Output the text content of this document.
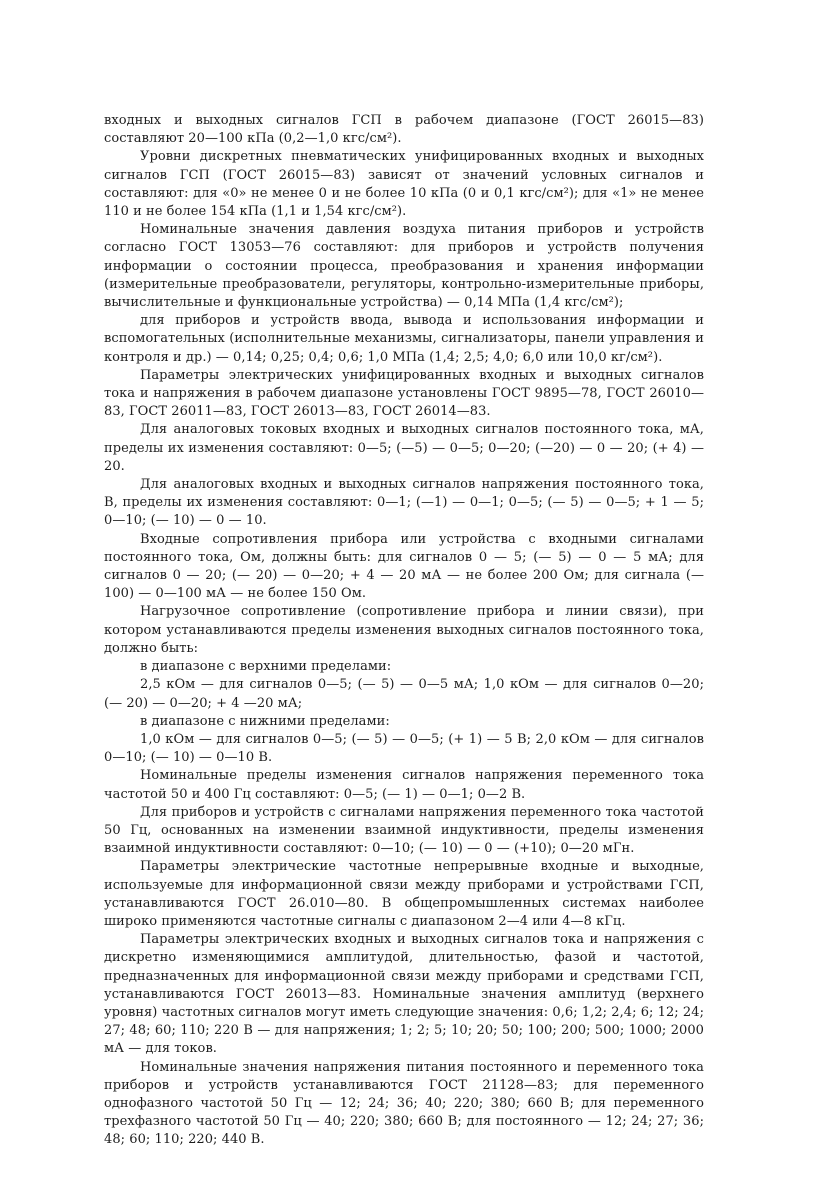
входных и выходных сигналов ГСП в рабочем диапазоне (ГОСТ 26015—83) составляют 20—100 кПа (0,2—1,0 кгс/см²).

Уровни дискретных пневматических унифицированных входных и выходных сигналов ГСП (ГОСТ 26015—83) зависят от значений условных сигналов и составляют: для «0» не менее 0 и не более 10 кПа (0 и 0,1 кгс/см²); для «1» не менее 110 и не более 154 кПа (1,1 и 1,54 кгс/см²).

Номинальные значения давления воздуха питания приборов и устройств согласно ГОСТ 13053—76 составляют: для приборов и устройств получения информации о состоянии процесса, преобразования и хранения информации (измерительные преобразователи, регуляторы, контрольно-измерительные приборы, вычислительные и функциональные устройства) — 0,14 МПа (1,4 кгс/см²);

для приборов и устройств ввода, вывода и использования информации и вспомогательных (исполнительные механизмы, сигнализаторы, панели управления и контроля и др.) — 0,14; 0,25; 0,4; 0,6; 1,0 МПа (1,4; 2,5; 4,0; 6,0 или 10,0 кг/см²).

Параметры электрических унифицированных входных и выходных сигналов тока и напряжения в рабочем диапазоне установлены ГОСТ 9895—78, ГОСТ 26010—83, ГОСТ 26011—83, ГОСТ 26013—83, ГОСТ 26014—83.

Для аналоговых токовых входных и выходных сигналов постоянного тока, мА, пределы их изменения составляют: 0—5; (—5) — 0—5; 0—20; (—20) — 0 — 20; (+ 4) — 20.

Для аналоговых входных и выходных сигналов напряжения постоянного тока, В, пределы их изменения составляют: 0—1; (—1) — 0—1; 0—5; (— 5) — 0—5; + 1 — 5; 0—10; (— 10) — 0 — 10.

Входные сопротивления прибора или устройства с входными сигналами постоянного тока, Ом, должны быть: для сигналов 0 — 5; (— 5) — 0 — 5 мА; для сигналов 0 — 20; (— 20) — 0—20; + 4 — 20 мА — не более 200 Ом; для сигнала (— 100) — 0—100 мА — не более 150 Ом.

Нагрузочное сопротивление (сопротивление прибора и линии связи), при котором устанавливаются пределы изменения выходных сигналов постоянного тока, должно быть:

в диапазоне с верхними пределами:

2,5 кОм — для сигналов 0—5; (— 5) — 0—5 мА; 1,0 кОм — для сигналов 0—20; (— 20) — 0—20; + 4 —20 мА;

в диапазоне с нижними пределами:

1,0 кОм — для сигналов 0—5; (— 5) — 0—5; (+ 1) — 5 В; 2,0 кОм — для сигналов 0—10; (— 10) — 0—10 В.

Номинальные пределы изменения сигналов напряжения переменного тока частотой 50 и 400 Гц составляют: 0—5; (— 1) — 0—1; 0—2 В.

Для приборов и устройств с сигналами напряжения переменного тока частотой 50 Гц, основанных на изменении взаимной индуктивности, пределы изменения взаимной индуктивности составляют: 0—10; (— 10) — 0 — (+10); 0—20 мГн.

Параметры электрические частотные непрерывные входные и выходные, используемые для информационной связи между приборами и устройствами ГСП, устанавливаются ГОСТ 26.010—80. В общепромышленных системах наиболее широко применяются частотные сигналы с диапазоном 2—4 или 4—8 кГц.

Параметры электрических входных и выходных сигналов тока и напряжения с дискретно изменяющимися амплитудой, длительностью, фазой и частотой, предназначенных для информационной связи между приборами и средствами ГСП, устанавливаются ГОСТ 26013—83. Номинальные значения амплитуд (верхнего уровня) частотных сигналов могут иметь следующие значения: 0,6; 1,2; 2,4; 6; 12; 24; 27; 48; 60; 110; 220 В — для напряжения; 1; 2; 5; 10; 20; 50; 100; 200; 500; 1000; 2000 мА — для токов.

Номинальные значения напряжения питания постоянного и переменного тока приборов и устройств устанавливаются ГОСТ 21128—83; для переменного однофазного частотой 50 Гц — 12; 24; 36; 40; 220; 380; 660 В; для переменного трехфазного частотой 50 Гц — 40; 220; 380; 660 В; для постоянного — 12; 24; 27; 36; 48; 60; 110; 220; 440 В.
